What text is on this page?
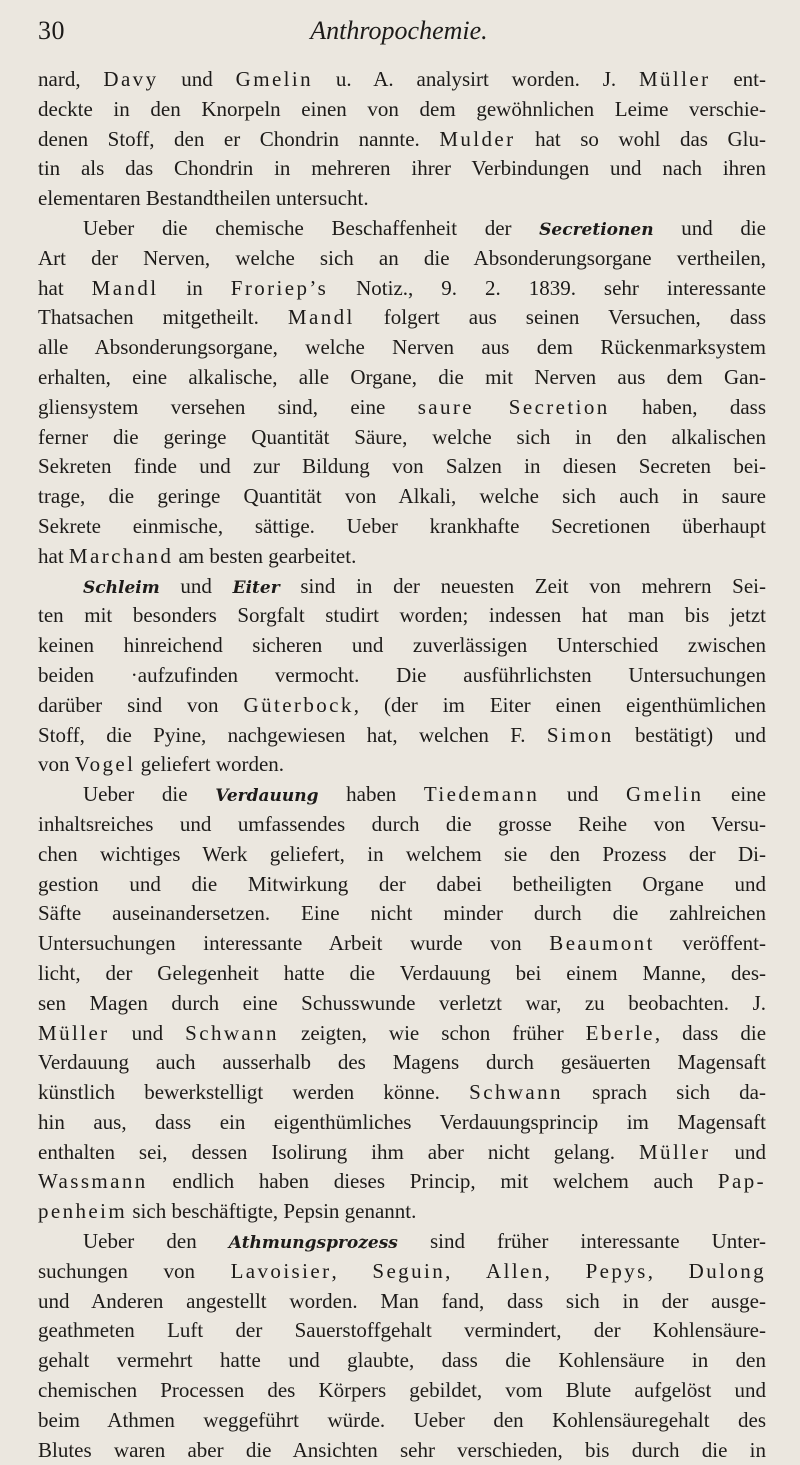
30	Anthropochemie.
nard, Davy und Gmelin u. A. analysirt worden. J. Müller ent-
deckte in den Knorpeln einen von dem gewöhnlichen Leime verschie-
denen Stoff, den er Chondrin nannte. Mulder hat so wohl das Glu-
tin als das Chondrin in mehreren ihrer Verbindungen und nach ihren
elementaren Bestandtheilen untersucht.
Ueber die chemische Beschaffenheit der Secretionen und die
Art der Nerven, welche sich an die Absonderungsorgane vertheilen,
hat Mandl in Froriep’s Notiz., 9. 2. 1839. sehr interessante
Thatsachen mitgetheilt. Mandl folgert aus seinen Versuchen, dass
alle Absonderungsorgane, welche Nerven aus dem Rückenmarksystem
erhalten, eine alkalische, alle Organe, die mit Nerven aus dem Gan-
gliensystem versehen sind, eine saure Secretion haben, dass
ferner die geringe Quantität Säure, welche sich in den alkalischen
Sekreten finde und zur Bildung von Salzen in diesen Secreten bei-
trage, die geringe Quantität von Alkali, welche sich auch in saure
Sekrete einmische, sättige. Ueber krankhafte Secretionen überhaupt
hat Marchand am besten gearbeitet.
Schleim und Eiter sind in der neuesten Zeit von mehrern Sei-
ten mit besonders Sorgfalt studirt worden; indessen hat man bis jetzt
keinen hinreichend sicheren und zuverlässigen Unterschied zwischen
beiden ·aufzufinden vermocht. Die ausführlichsten Untersuchungen
darüber sind von Güterbock, (der im Eiter einen eigenthümlichen
Stoff, die Pyine, nachgewiesen hat, welchen F. Simon bestätigt) und
von Vogel geliefert worden.
Ueber die Verdauung haben Tiedemann und Gmelin eine
inhaltsreiches und umfassendes durch die grosse Reihe von Versu-
chen wichtiges Werk geliefert, in welchem sie den Prozess der Di-
gestion und die Mitwirkung der dabei betheiligten Organe und
Säfte auseinandersetzen. Eine nicht minder durch die zahlreichen
Untersuchungen interessante Arbeit wurde von Beaumont veröffent-
licht, der Gelegenheit hatte die Verdauung bei einem Manne, des-
sen Magen durch eine Schusswunde verletzt war, zu beobachten. J.
Müller und Schwann zeigten, wie schon früher Eberle, dass die
Verdauung auch ausserhalb des Magens durch gesäuerten Magensaft
künstlich bewerkstelligt werden könne. Schwann sprach sich da-
hin aus, dass ein eigenthümliches Verdauungsprincip im Magensaft
enthalten sei, dessen Isolirung ihm aber nicht gelang. Müller und
Wassmann endlich haben dieses Princip, mit welchem auch Pap-
penheim sich beschäftigte, Pepsin genannt.
Ueber den Athmungsprozess sind früher interessante Unter-
suchungen von Lavoisier, Seguin, Allen, Pepys, Dulong
und Anderen angestellt worden. Man fand, dass sich in der ausge-
geathmeten Luft der Sauerstoffgehalt vermindert, der Kohlensäure-
gehalt vermehrt hatte und glaubte, dass die Kohlensäure in den
chemischen Processen des Körpers gebildet, vom Blute aufgelöst und
beim Athmen weggeführt würde. Ueber den Kohlensäuregehalt des
Blutes waren aber die Ansichten sehr verschieden, bis durch die in
